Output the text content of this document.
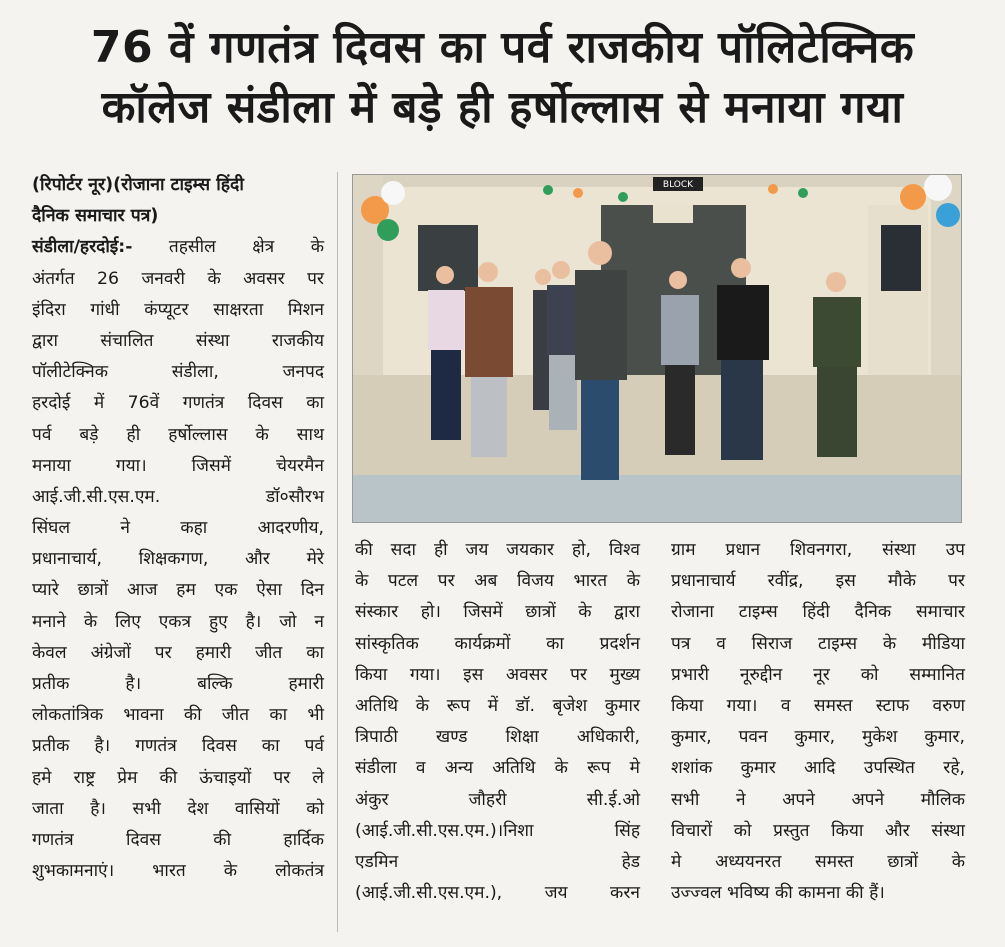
76 वें गणतंत्र दिवस का पर्व राजकीय पॉलिटेक्निक
कॉलेज संडीला में बड़े ही हर्षोल्लास से मनाया गया
(रिपोर्टर नूर)(रोजाना टाइम्स हिंदी
दैनिक समाचार पत्र)
संडीला/हरदोई:- तहसील क्षेत्र के
अंतर्गत 26 जनवरी के अवसर पर
इंदिरा गांधी कंप्यूटर साक्षरता मिशन
द्वारा संचालित संस्था राजकीय
पॉलीटेक्निक संडीला, जनपद
हरदोई में 76वें गणतंत्र दिवस का
पर्व बड़े ही हर्षोल्लास के साथ
मनाया गया। जिसमें चेयरमैन
आई.जी.सी.एस.एम. डॉ०सौरभ
सिंघल ने कहा आदरणीय,
प्रधानाचार्य, शिक्षकगण, और मेरे
प्यारे छात्रों आज हम एक ऐसा दिन
मनाने के लिए एकत्र हुए है। जो न
केवल अंग्रेजों पर हमारी जीत का
प्रतीक है। बल्कि हमारी
लोकतांत्रिक भावना की जीत का भी
प्रतीक है। गणतंत्र दिवस का पर्व
हमे राष्ट्र प्रेम की ऊंचाइयों पर ले
जाता है। सभी देश वासियों को
गणतंत्र दिवस की हार्दिक
शुभकामनाएं। भारत के लोकतंत्र
BLOCK
की सदा ही जय जयकार हो, विश्व
के पटल पर अब विजय भारत के
संस्कार हो। जिसमें छात्रों के द्वारा
सांस्कृतिक कार्यक्रमों का प्रदर्शन
किया गया। इस अवसर पर मुख्य
अतिथि के रूप में डॉ. बृजेश कुमार
त्रिपाठी खण्ड शिक्षा अधिकारी,
संडीला व अन्य अतिथि के रूप मे
अंकुर जौहरी सी.ई.ओ
(आई.जी.सी.एस.एम.)।निशा सिंह
एडमिन हेड
(आई.जी.सी.एस.एम.), जय करन
ग्राम प्रधान शिवनगरा, संस्था उप
प्रधानाचार्य रवींद्र, इस मौके पर
रोजाना टाइम्स हिंदी दैनिक समाचार
पत्र व सिराज टाइम्स के मीडिया
प्रभारी नूरुद्दीन नूर को सम्मानित
किया गया। व समस्त स्टाफ वरुण
कुमार, पवन कुमार, मुकेश कुमार,
शशांक कुमार आदि उपस्थित रहे,
सभी ने अपने अपने मौलिक
विचारों को प्रस्तुत किया और संस्था
मे अध्ययनरत समस्त छात्रों के
उज्ज्वल भविष्य की कामना की हैं।
